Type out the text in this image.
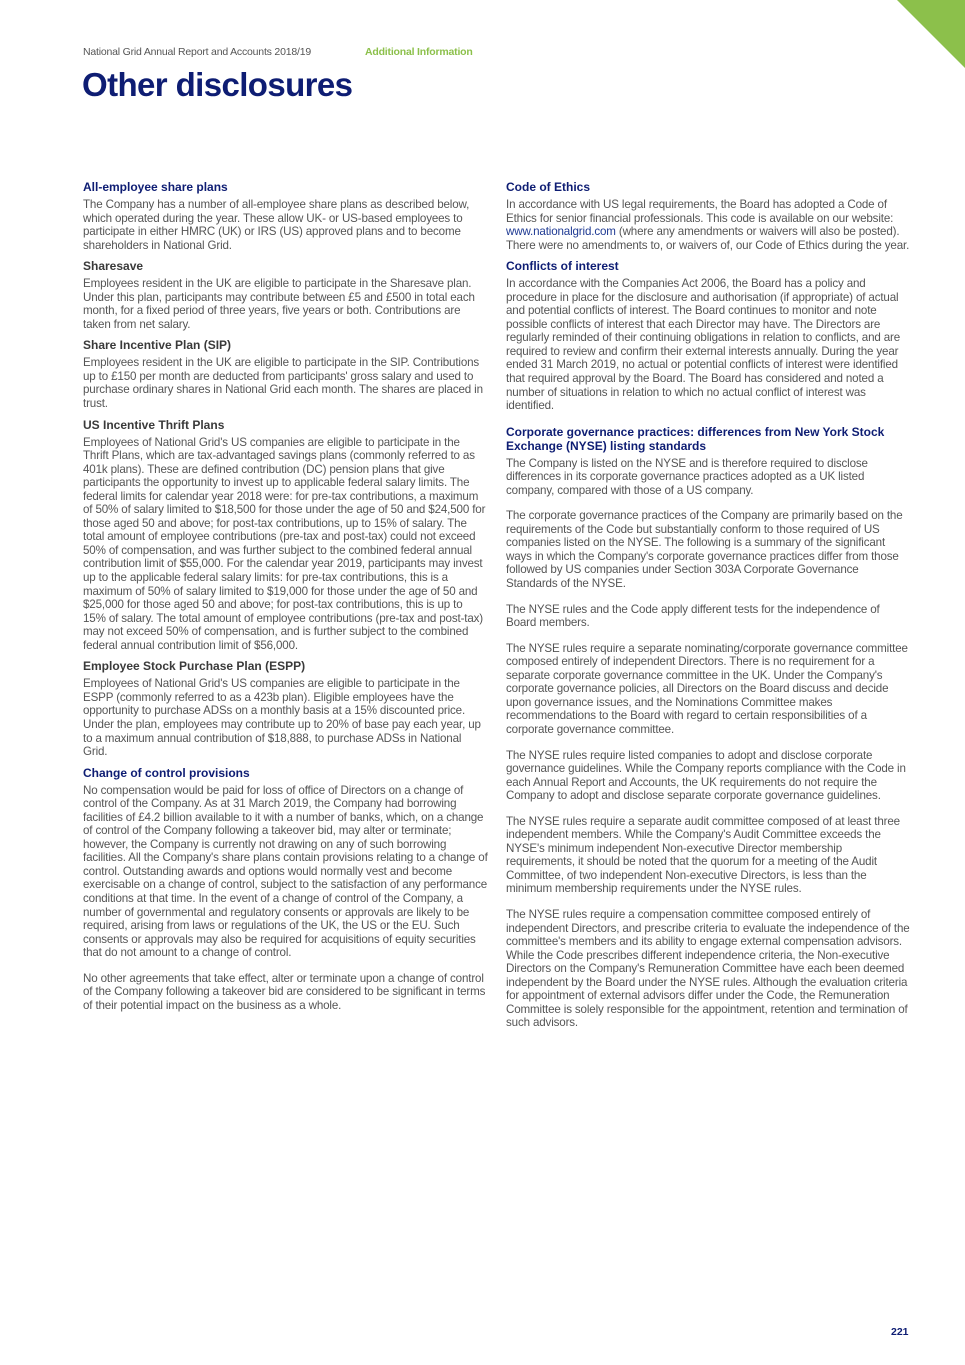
National Grid Annual Report and Accounts 2018/19	Additional Information
Other disclosures
All-employee share plans

The Company has a number of all-employee share plans as described below, which operated during the year. These allow UK- or US-based employees to participate in either HMRC (UK) or IRS (US) approved plans and to become shareholders in National Grid.

Sharesave

Employees resident in the UK are eligible to participate in the Sharesave plan. Under this plan, participants may contribute between £5 and £500 in total each month, for a fixed period of three years, five years or both. Contributions are taken from net salary.

Share Incentive Plan (SIP)

Employees resident in the UK are eligible to participate in the SIP. Contributions up to £150 per month are deducted from participants' gross salary and used to purchase ordinary shares in National Grid each month. The shares are placed in trust.

US Incentive Thrift Plans

Employees of National Grid's US companies are eligible to participate in the Thrift Plans, which are tax-advantaged savings plans (commonly referred to as 401k plans). These are defined contribution (DC) pension plans that give participants the opportunity to invest up to applicable federal salary limits. The federal limits for calendar year 2018 were: for pre-tax contributions, a maximum of 50% of salary limited to $18,500 for those under the age of 50 and $24,500 for those aged 50 and above; for post-tax contributions, up to 15% of salary. The total amount of employee contributions (pre-tax and post-tax) could not exceed 50% of compensation, and was further subject to the combined federal annual contribution limit of $55,000. For the calendar year 2019, participants may invest up to the applicable federal salary limits: for pre-tax contributions, this is a maximum of 50% of salary limited to $19,000 for those under the age of 50 and $25,000 for those aged 50 and above; for post-tax contributions, this is up to 15% of salary. The total amount of employee contributions (pre-tax and post-tax) may not exceed 50% of compensation, and is further subject to the combined federal annual contribution limit of $56,000.

Employee Stock Purchase Plan (ESPP)

Employees of National Grid's US companies are eligible to participate in the ESPP (commonly referred to as a 423b plan). Eligible employees have the opportunity to purchase ADSs on a monthly basis at a 15% discounted price. Under the plan, employees may contribute up to 20% of base pay each year, up to a maximum annual contribution of $18,888, to purchase ADSs in National Grid.

Change of control provisions

No compensation would be paid for loss of office of Directors on a change of control of the Company. As at 31 March 2019, the Company had borrowing facilities of £4.2 billion available to it with a number of banks, which, on a change of control of the Company following a takeover bid, may alter or terminate; however, the Company is currently not drawing on any of such borrowing facilities. All the Company's share plans contain provisions relating to a change of control. Outstanding awards and options would normally vest and become exercisable on a change of control, subject to the satisfaction of any performance conditions at that time. In the event of a change of control of the Company, a number of governmental and regulatory consents or approvals are likely to be required, arising from laws or regulations of the UK, the US or the EU. Such consents or approvals may also be required for acquisitions of equity securities that do not amount to a change of control.

No other agreements that take effect, alter or terminate upon a change of control of the Company following a takeover bid are considered to be significant in terms of their potential impact on the business as a whole.

Code of Ethics

In accordance with US legal requirements, the Board has adopted a Code of Ethics for senior financial professionals. This code is available on our website: www.nationalgrid.com (where any amendments or waivers will also be posted). There were no amendments to, or waivers of, our Code of Ethics during the year.

Conflicts of interest

In accordance with the Companies Act 2006, the Board has a policy and procedure in place for the disclosure and authorisation (if appropriate) of actual and potential conflicts of interest. The Board continues to monitor and note possible conflicts of interest that each Director may have. The Directors are regularly reminded of their continuing obligations in relation to conflicts, and are required to review and confirm their external interests annually. During the year ended 31 March 2019, no actual or potential conflicts of interest were identified that required approval by the Board. The Board has considered and noted a number of situations in relation to which no actual conflict of interest was identified.

Corporate governance practices: differences from New York Stock Exchange (NYSE) listing standards

The Company is listed on the NYSE and is therefore required to disclose differences in its corporate governance practices adopted as a UK listed company, compared with those of a US company.

The corporate governance practices of the Company are primarily based on the requirements of the Code but substantially conform to those required of US companies listed on the NYSE. The following is a summary of the significant ways in which the Company's corporate governance practices differ from those followed by US companies under Section 303A Corporate Governance Standards of the NYSE.

The NYSE rules and the Code apply different tests for the independence of Board members.

The NYSE rules require a separate nominating/corporate governance committee composed entirely of independent Directors. There is no requirement for a separate corporate governance committee in the UK. Under the Company's corporate governance policies, all Directors on the Board discuss and decide upon governance issues, and the Nominations Committee makes recommendations to the Board with regard to certain responsibilities of a corporate governance committee.

The NYSE rules require listed companies to adopt and disclose corporate governance guidelines. While the Company reports compliance with the Code in each Annual Report and Accounts, the UK requirements do not require the Company to adopt and disclose separate corporate governance guidelines.

The NYSE rules require a separate audit committee composed of at least three independent members. While the Company's Audit Committee exceeds the NYSE's minimum independent Non-executive Director membership requirements, it should be noted that the quorum for a meeting of the Audit Committee, of two independent Non-executive Directors, is less than the minimum membership requirements under the NYSE rules.

The NYSE rules require a compensation committee composed entirely of independent Directors, and prescribe criteria to evaluate the independence of the committee's members and its ability to engage external compensation advisors. While the Code prescribes different independence criteria, the Non-executive Directors on the Company's Remuneration Committee have each been deemed independent by the Board under the NYSE rules. Although the evaluation criteria for appointment of external advisors differ under the Code, the Remuneration Committee is solely responsible for the appointment, retention and termination of such advisors.

221
